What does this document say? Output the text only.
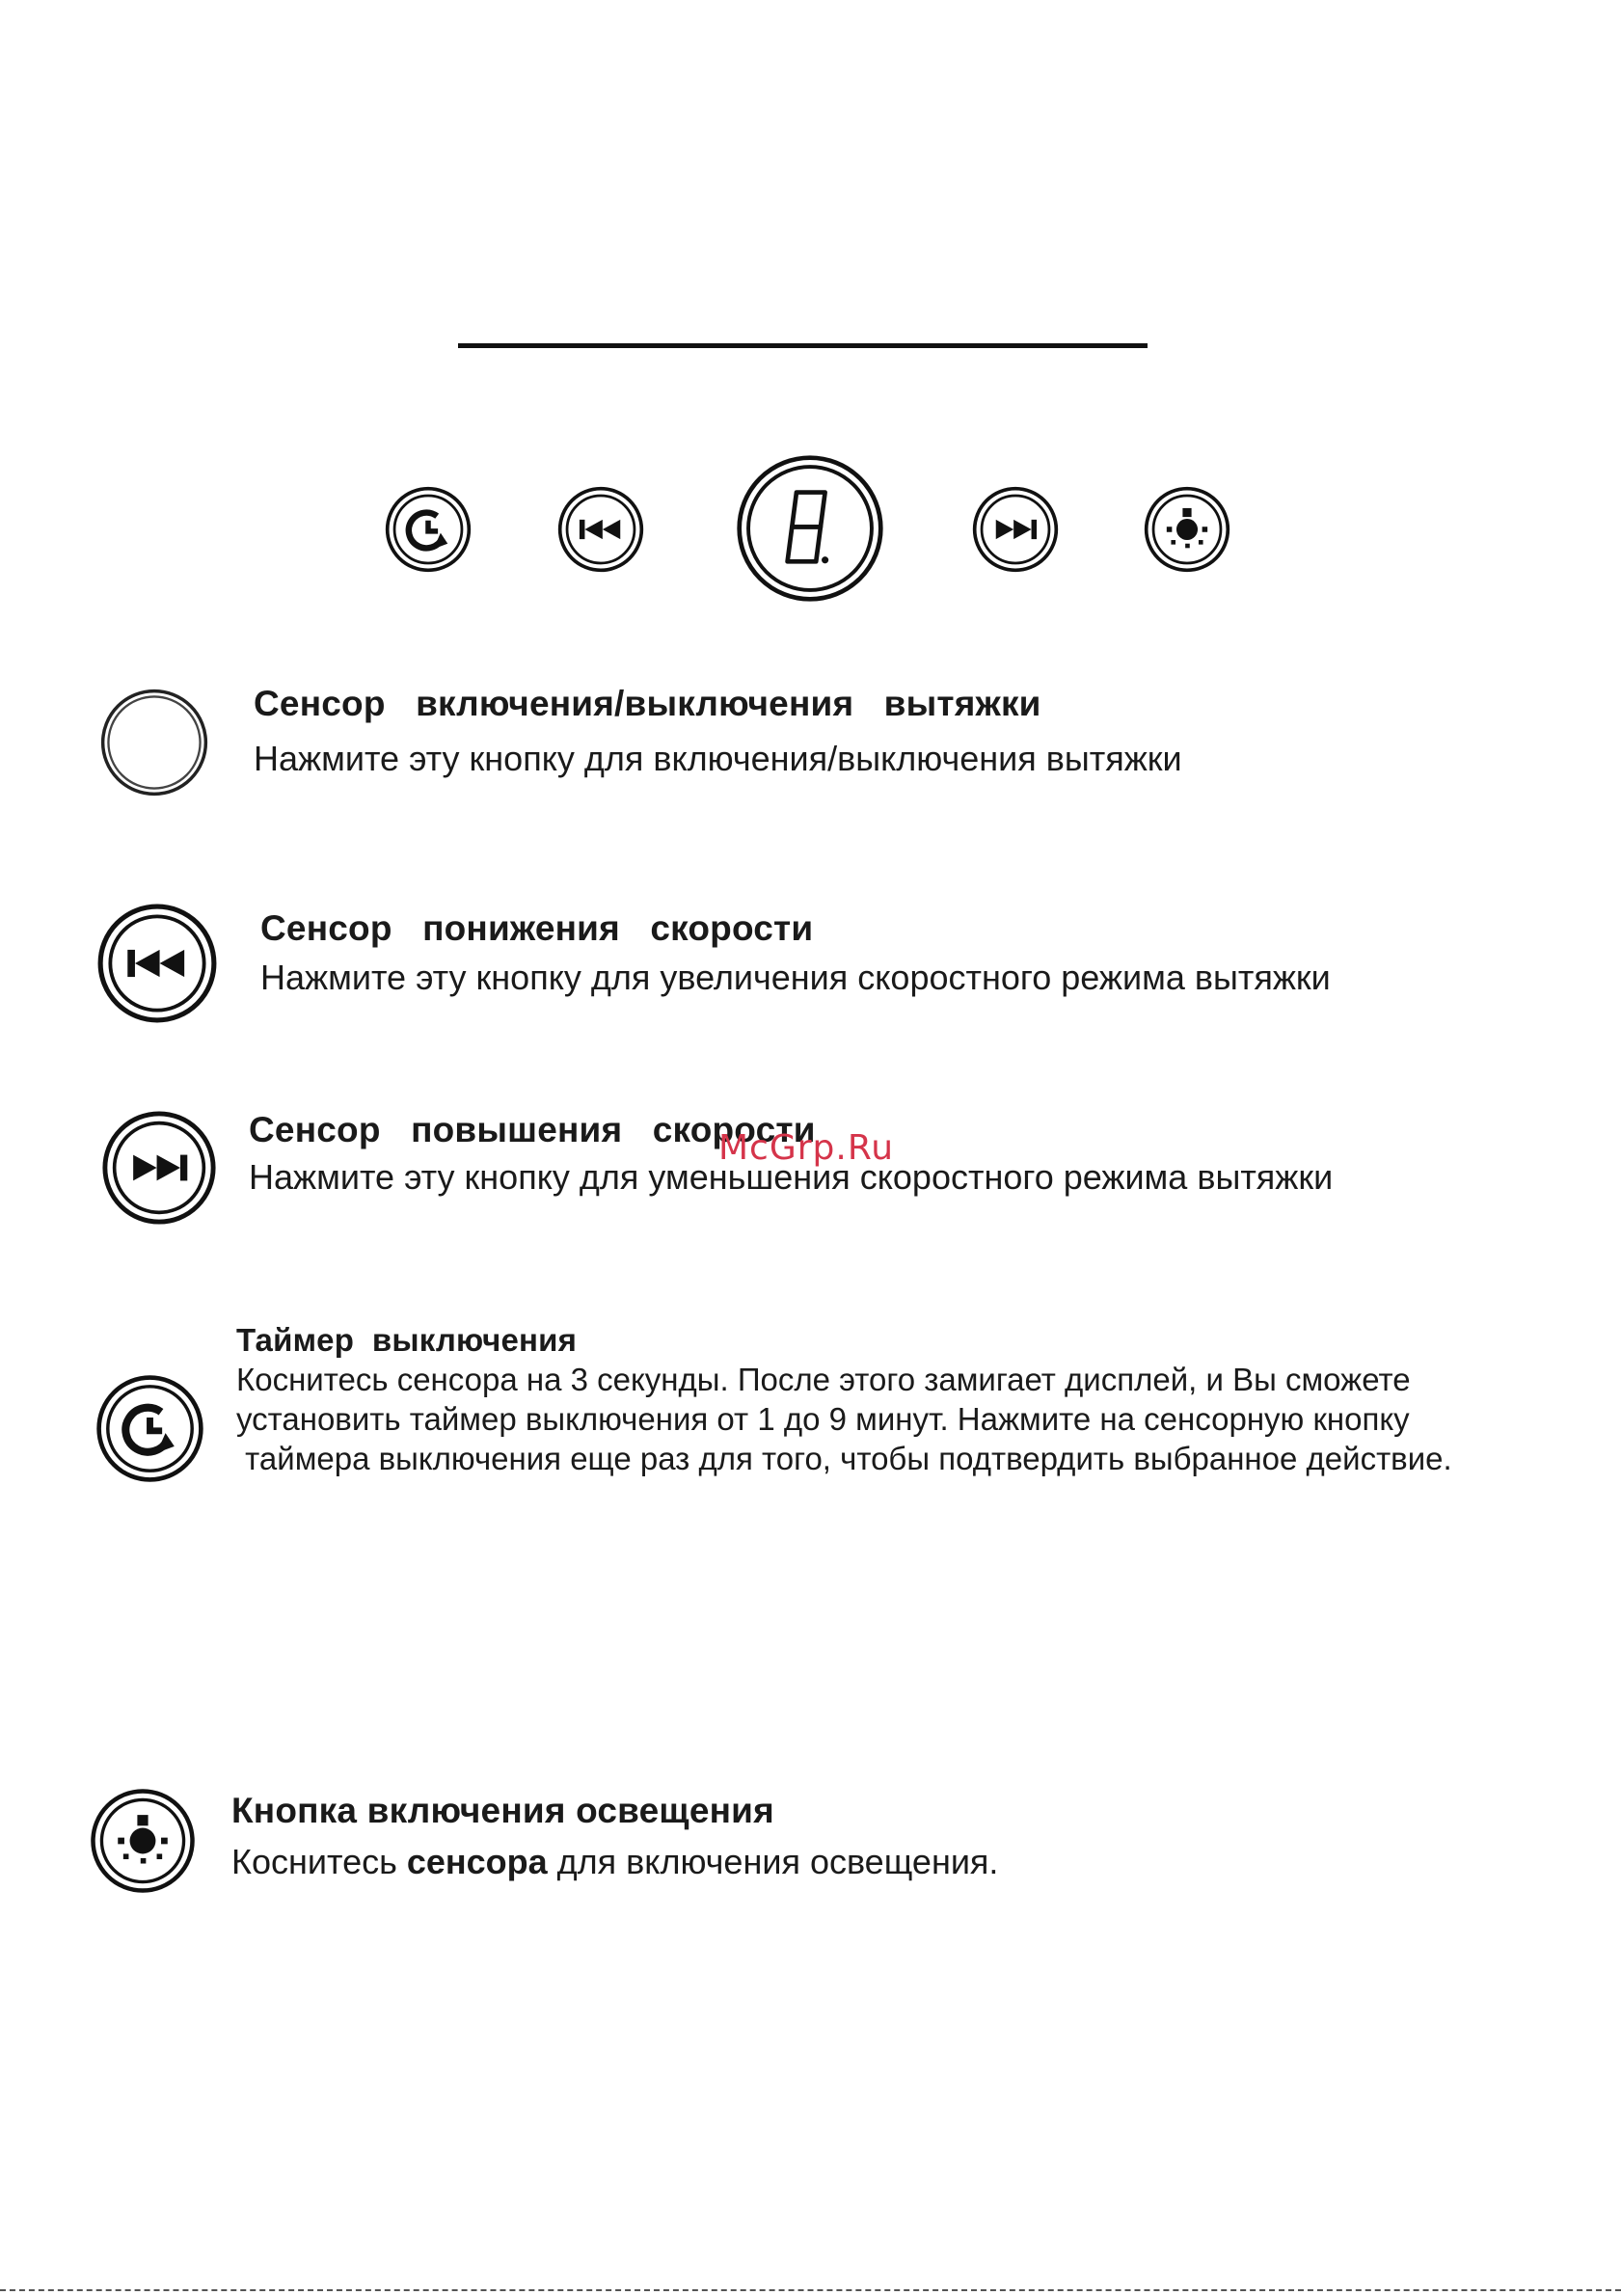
Сенсор   включения/выключения   вытяжки
Нажмите эту кнопку для включения/выключения вытяжки
Сенсор   понижения   скорости
Нажмите эту кнопку для увеличения скоростного режима вытяжки
Сенсор   повышения   скорости
Нажмите эту кнопку для уменьшения скоростного режима вытяжки
Таймер  выключения
Коснитесь сенсора на 3 секунды. После этого замигает дисплей, и Вы сможете
установить таймер выключения от 1 до 9 минут. Нажмите на сенсорную кнопку
таймера выключения еще раз для того, чтобы подтвердить выбранное действие.
Кнопка включения освещения
Коснитесь сенсора для включения освещения.
McGrp.Ru
